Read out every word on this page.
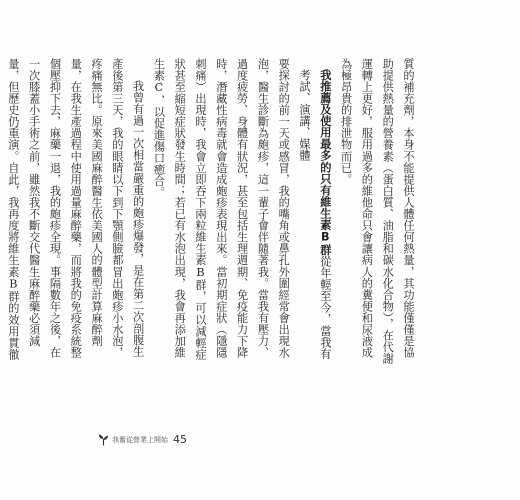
質的補充劑，本身不能提供人體任何熱量，其功能僅僅是協助提供熱量的營養素（蛋白質、油脂和碳水化合物），在代謝運轉上更好，服用過多的維他命只會讓病人的糞便和尿液成為極昂貴的排泄物而已。

我推薦及使用最多的只有維生素B群從年輕至今，當我有考試、演講、媒體

要探討的前一天或感冒，我的嘴角或鼻孔外圍經常會出現水泡，醫生診斷為皰疹，這一輩子會伴隨著我。當我有壓力、過度疲勞、身體有狀況，甚至包括生理週期、免疫能力下降時，潛藏性病毒就會造成皰疹表現出來。當初期症狀（隱隱刺痛）出現時，我會立即吞下兩粒維生素B群，可以減輕症狀甚至縮短症狀發生時間；若已有水泡出現，我會再添加維生素C，以促進傷口癒合。

我曾有過一次相當嚴重的皰疹爆發，是在第二次剖腹生產後第三天，我的眼睛以下到下顎側臉都冒出皰疹小水泡，疼痛無比。原來美國麻醉醫生依美國人的體型計算麻醉劑量，在我生產過程中使用過量麻醉藥，而將我的免疫系統整個壓抑下去，麻藥一退，我的皰疹全現。事隔數年之後，在一次膝蓋小手術之前，雖然我不斷交代醫生麻醉藥必須減量，但歷史仍重演。自此，我再度將維生素B群的效用貫徹

我奮從營業上開始 45
